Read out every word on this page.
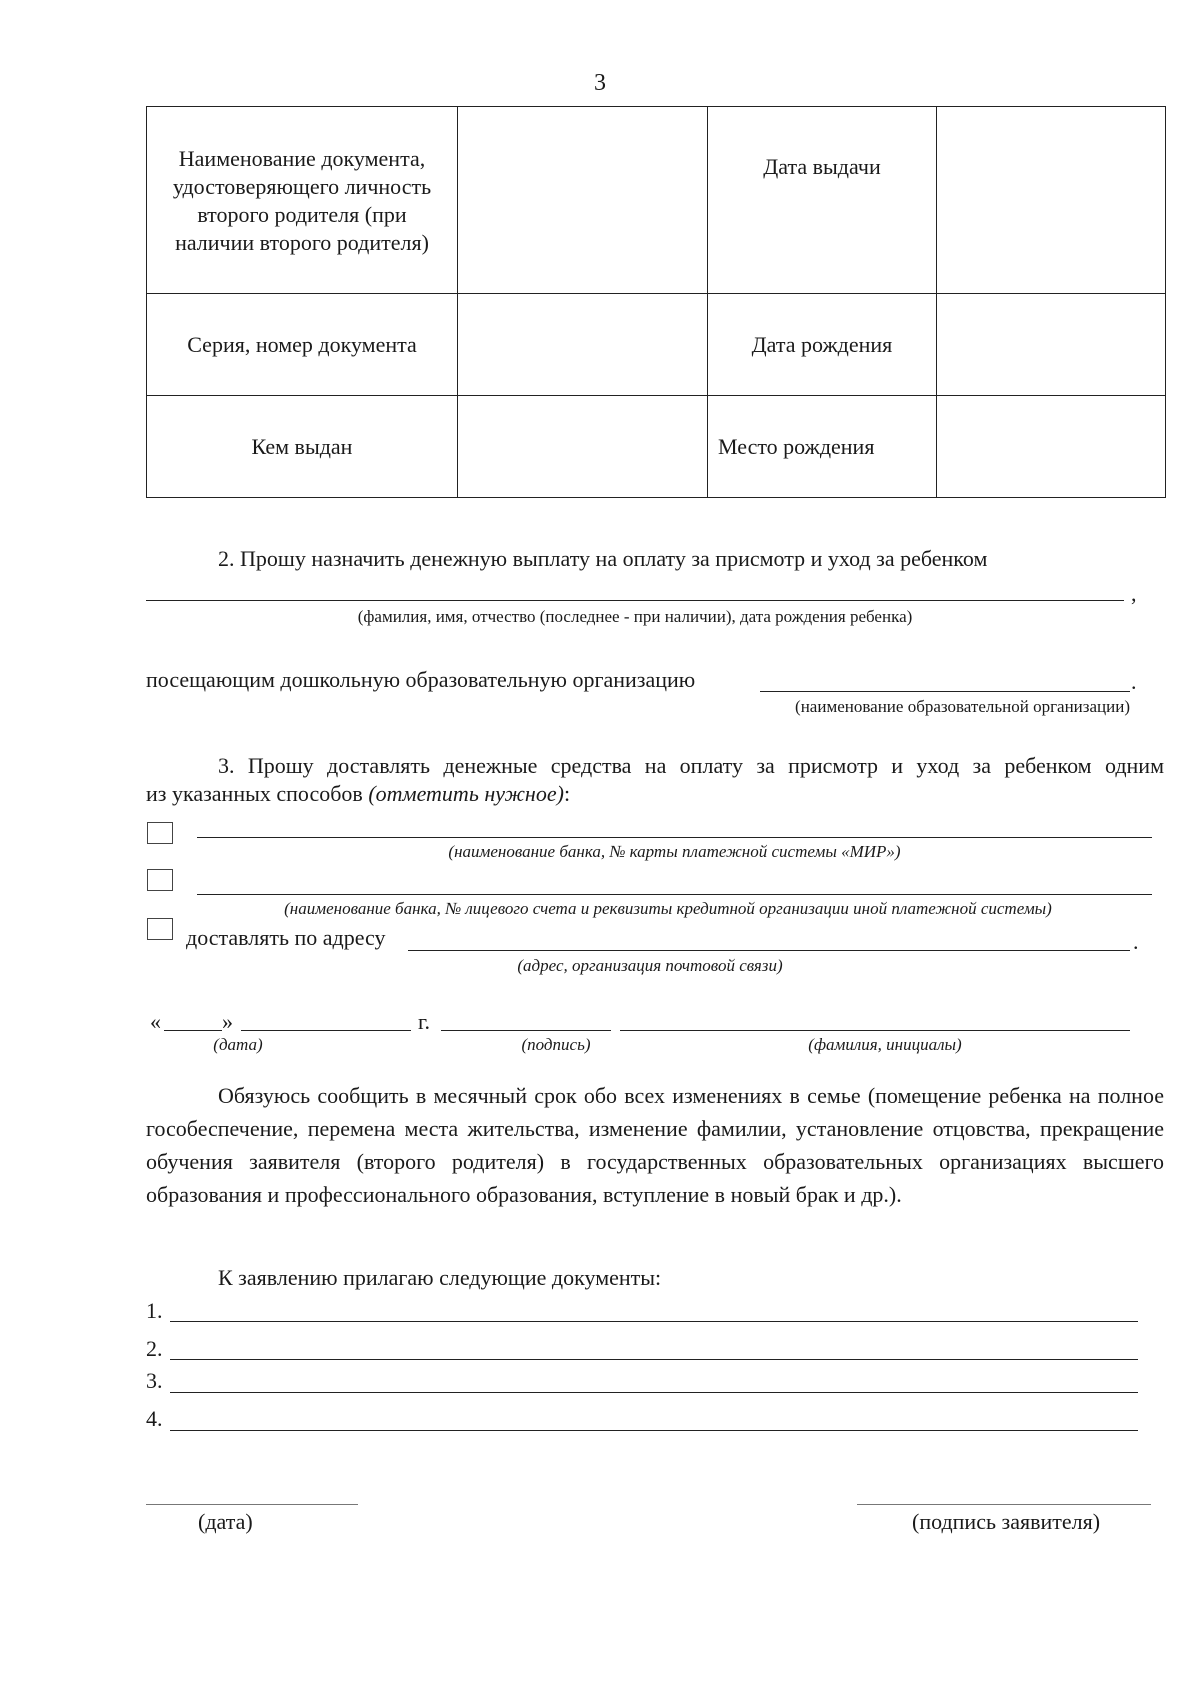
3
Наименование документа, удостоверяющего личность второго родителя (при наличии второго родителя)		Дата выдачи	
Серия, номер документа		Дата рождения	
Кем выдан		Место рождения	
2. Прошу назначить денежную выплату на оплату за присмотр и уход за ребенком
,
(фамилия, имя, отчество (последнее - при наличии), дата рождения ребенка)
посещающим дошкольную образовательную организацию	.
(наименование образовательной организации)
3. Прошу доставлять денежные средства на оплату за присмотр и уход за ребенком одним
из указанных способов (отметить нужное):
(наименование банка, № карты платежной системы «МИР»)
(наименование банка, № лицевого счета и реквизиты кредитной организации иной платежной системы)
доставлять по адресу	.
(адрес, организация почтовой связи)
«	»	г.
(дата)	(подпись)	(фамилия, инициалы)
Обязуюсь сообщить в месячный срок обо всех изменениях в семье (помещение ребенка на полное гособеспечение, перемена места жительства, изменение фамилии, установление отцовства, прекращение обучения заявителя (второго родителя) в государственных образовательных организациях высшего образования и профессионального образования, вступление в новый брак и др.).
К заявлению прилагаю следующие документы:
1.
2.
3.
4.
(дата)	(подпись заявителя)
